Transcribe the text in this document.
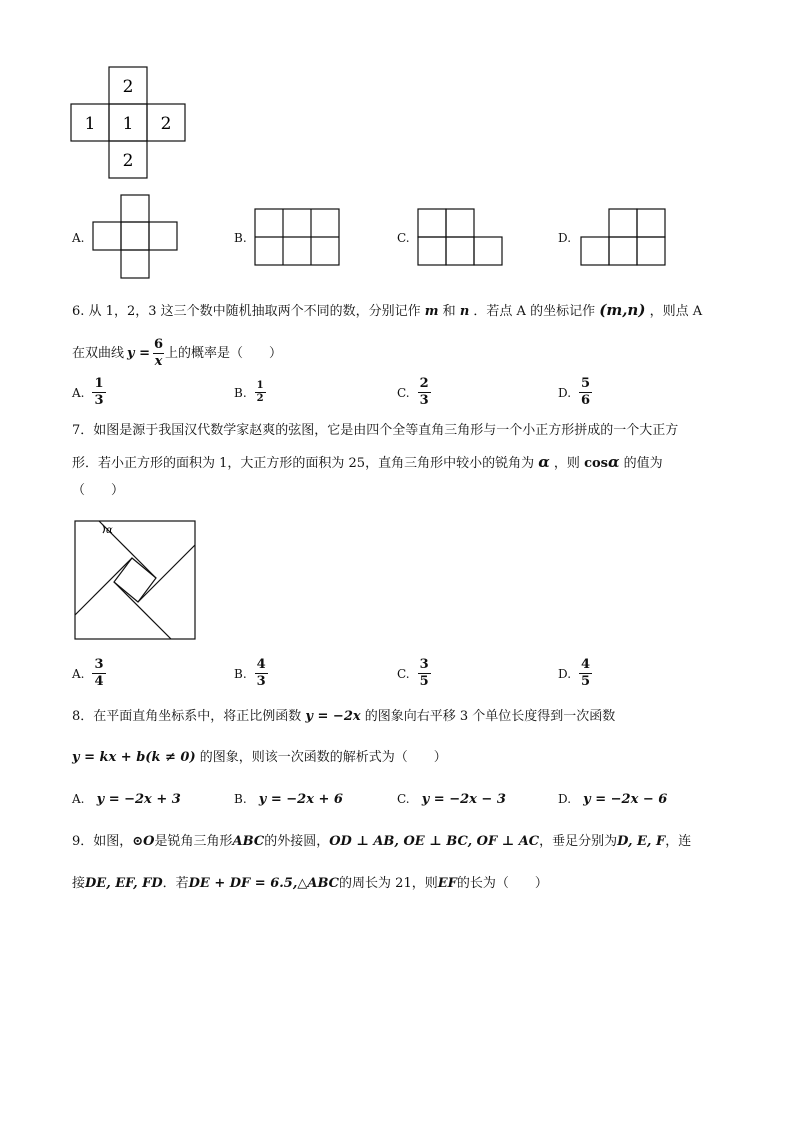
2
1 1 2
2
A.	B.	C.	D.
6. 从 1，2，3 这三个数中随机抽取两个不同的数，分别记作 m 和 n ．若点 A 的坐标记作 (m,n) ，则点 A
在双曲线 $y = \frac{6}{x}$ 上的概率是（　　）
A. $\frac{1}{3}$	B. $\frac{1}{2}$	C. $\frac{2}{3}$	D. $\frac{5}{6}$
7．如图是源于我国汉代数学家赵爽的弦图，它是由四个全等直角三角形与一个小正方形拼成的一个大正方
形．若小正方形的面积为 1，大正方形的面积为 25，直角三角形中较小的锐角为 α ，则 cosα 的值为
（　　）
α
A. $\frac{3}{4}$	B. $\frac{4}{3}$	C. $\frac{3}{5}$	D. $\frac{4}{5}$
8．在平面直角坐标系中，将正比例函数 y = −2x 的图象向右平移 3 个单位长度得到一次函数
y = kx + b(k ≠ 0) 的图象，则该一次函数的解析式为（　　）
A. y = −2x + 3	B. y = −2x + 6	C. y = −2x − 3	D. y = −2x − 6
9．如图，⊙O是锐角三角形ABC的外接圆，OD ⊥ AB, OE ⊥ BC, OF ⊥ AC，垂足分别为D, E, F，连
接DE, EF, FD．若DE + DF = 6.5,△ABC的周长为 21，则EF的长为（　　）
